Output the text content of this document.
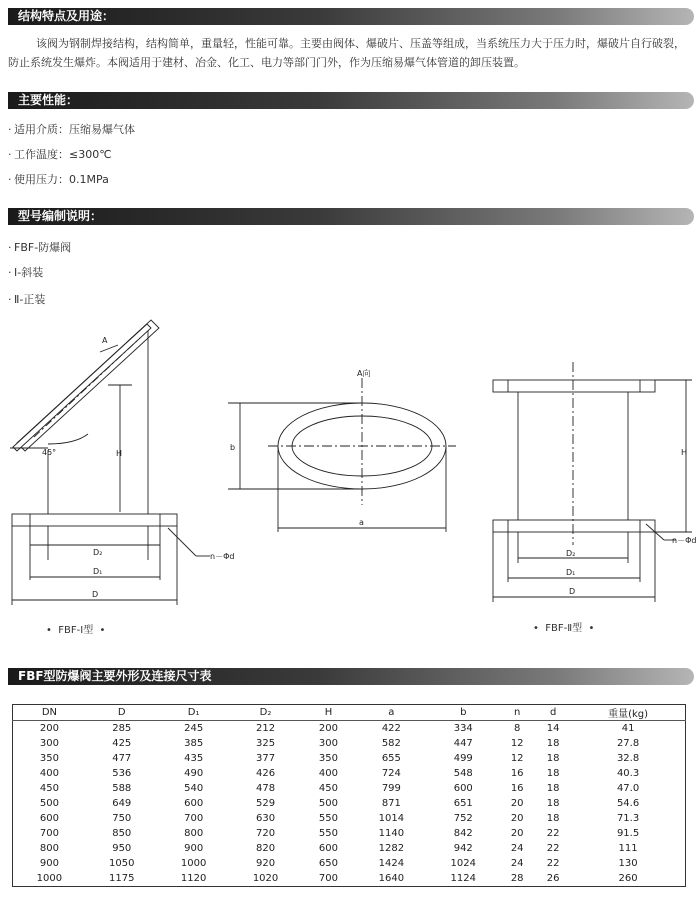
结构特点及用途：
该阀为钢制焊接结构，结构简单，重量轻，性能可靠。主要由阀体、爆破片、压盖等组成，当系统压力大于压力时，爆破片自行破裂，防止系统发生爆炸。本阀适用于建材、冶金、化工、电力等部门门外，作为压缩易爆气体管道的卸压装置。
主要性能：
· 适用介质：压缩易爆气体
· 工作温度：≤300℃
· 使用压力：0.1MPa
型号编制说明：
· FBF-防爆阀
· Ⅰ-斜装
· Ⅱ-正装
A
45°	H
D₂
D₁
D
n－Φd
A向
b
a
H
D₂
D₁
D
n－Φd
•  FBF-Ⅰ型  •	•  FBF-Ⅱ型  •
FBF型防爆阀主要外形及连接尺寸表
DN	D	D₁	D₂	H	a	b	n	d	重量(kg)
200	285	245	212	200	422	334	8	14	41
300	425	385	325	300	582	447	12	18	27.8
350	477	435	377	350	655	499	12	18	32.8
400	536	490	426	400	724	548	16	18	40.3
450	588	540	478	450	799	600	16	18	47.0
500	649	600	529	500	871	651	20	18	54.6
600	750	700	630	550	1014	752	20	18	71.3
700	850	800	720	550	1140	842	20	22	91.5
800	950	900	820	600	1282	942	24	22	111
900	1050	1000	920	650	1424	1024	24	22	130
1000	1175	1120	1020	700	1640	1124	28	26	260
